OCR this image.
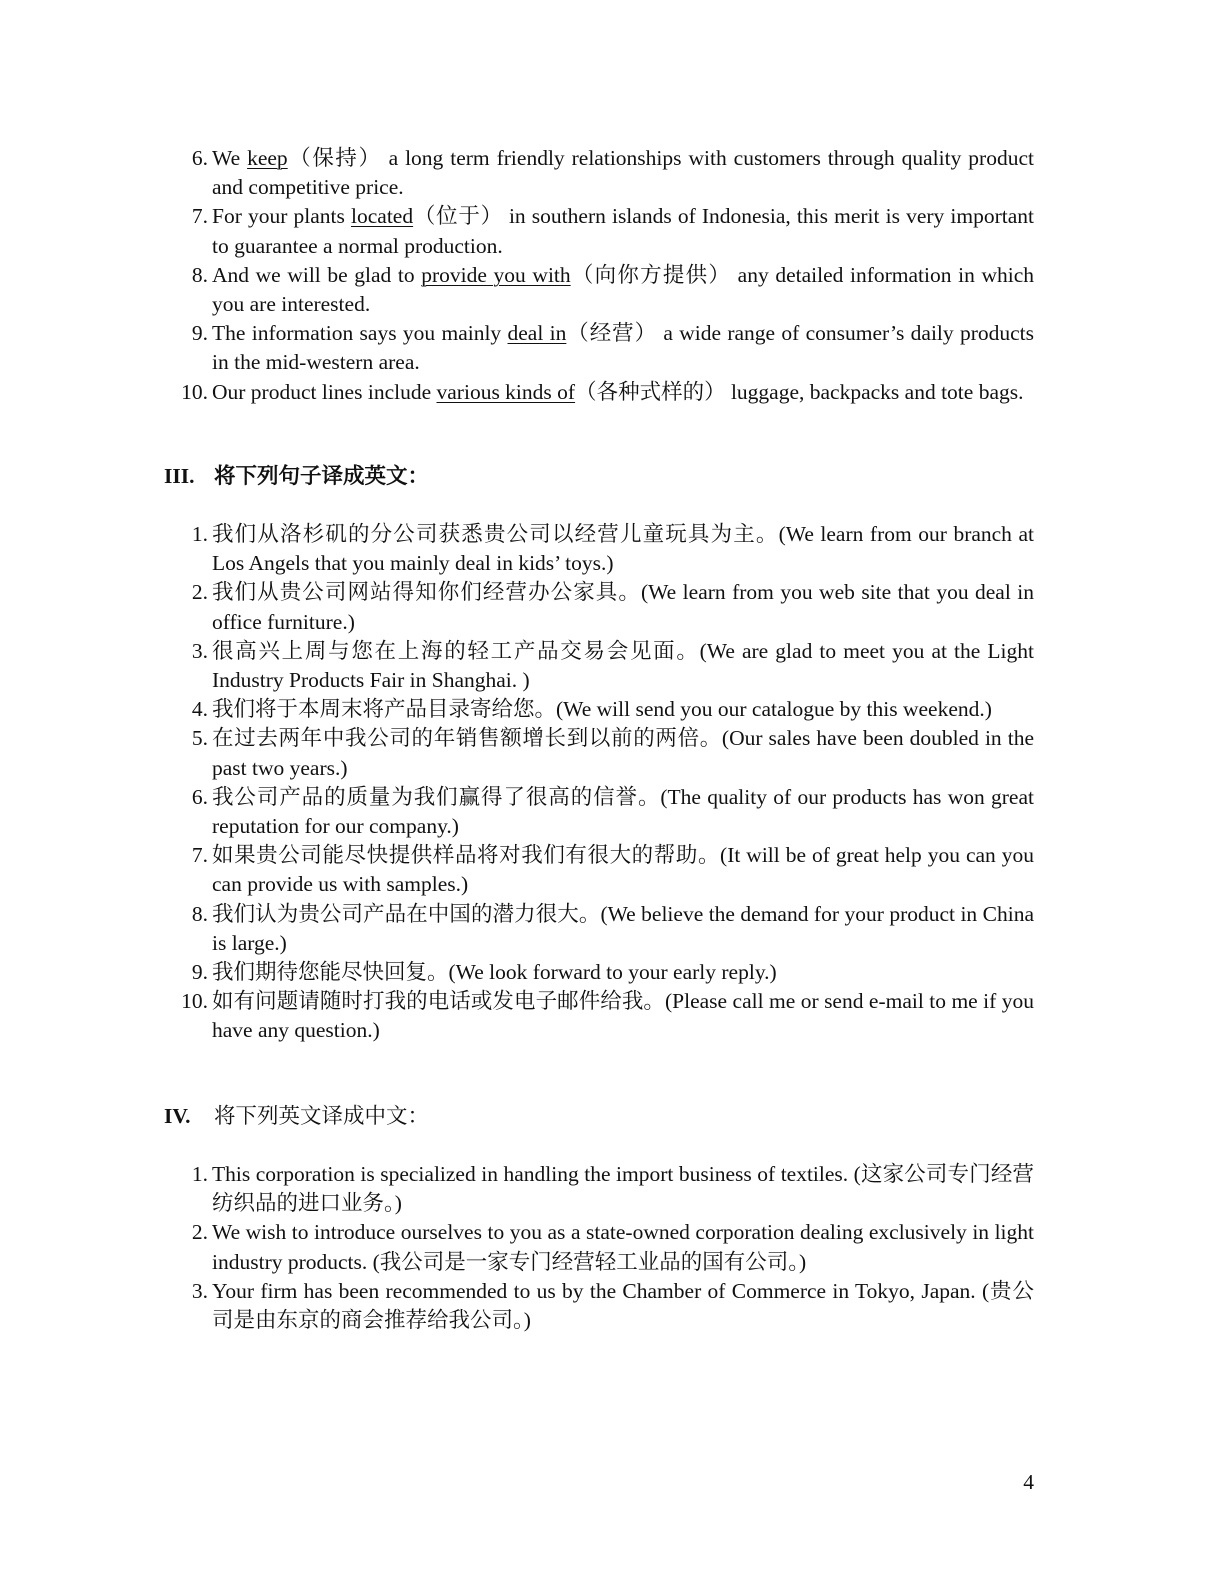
6. We keep（保持） a long term friendly relationships with customers through quality product and competitive price.
7. For your plants located（位于） in southern islands of Indonesia, this merit is very important to guarantee a normal production.
8. And we will be glad to provide you with（向你方提供） any detailed information in which you are interested.
9. The information says you mainly deal in（经营） a wide range of consumer’s daily products in the mid-western area.
10. Our product lines include various kinds of（各种式样的） luggage, backpacks and tote bags.
III. 将下列句子译成英文：
1. 我们从洛杉矶的分公司获悉贵公司以经营儿童玩具为主。(We learn from our branch at Los Angels that you mainly deal in kids’ toys.)
2. 我们从贵公司网站得知你们经营办公家具。(We learn from you web site that you deal in office furniture.)
3. 很高兴上周与您在上海的轻工产品交易会见面。(We are glad to meet you at the Light Industry Products Fair in Shanghai. )
4. 我们将于本周末将产品目录寄给您。(We will send you our catalogue by this weekend.)
5. 在过去两年中我公司的年销售额增长到以前的两倍。(Our sales have been doubled in the past two years.)
6. 我公司产品的质量为我们赢得了很高的信誉。(The quality of our products has won great reputation for our company.)
7. 如果贵公司能尽快提供样品将对我们有很大的帮助。(It will be of great help you can you can provide us with samples.)
8. 我们认为贵公司产品在中国的潜力很大。(We believe the demand for your product in China is large.)
9. 我们期待您能尽快回复。(We look forward to your early reply.)
10. 如有问题请随时打我的电话或发电子邮件给我。(Please call me or send e-mail to me if you have any question.)
IV. 将下列英文译成中文：
1. This corporation is specialized in handling the import business of textiles. (这家公司专门经营纺织品的进口业务。)
2. We wish to introduce ourselves to you as a state-owned corporation dealing exclusively in light industry products. (我公司是一家专门经营轻工业品的国有公司。)
3. Your firm has been recommended to us by the Chamber of Commerce in Tokyo, Japan. (贵公司是由东京的商会推荐给我公司。)
4
